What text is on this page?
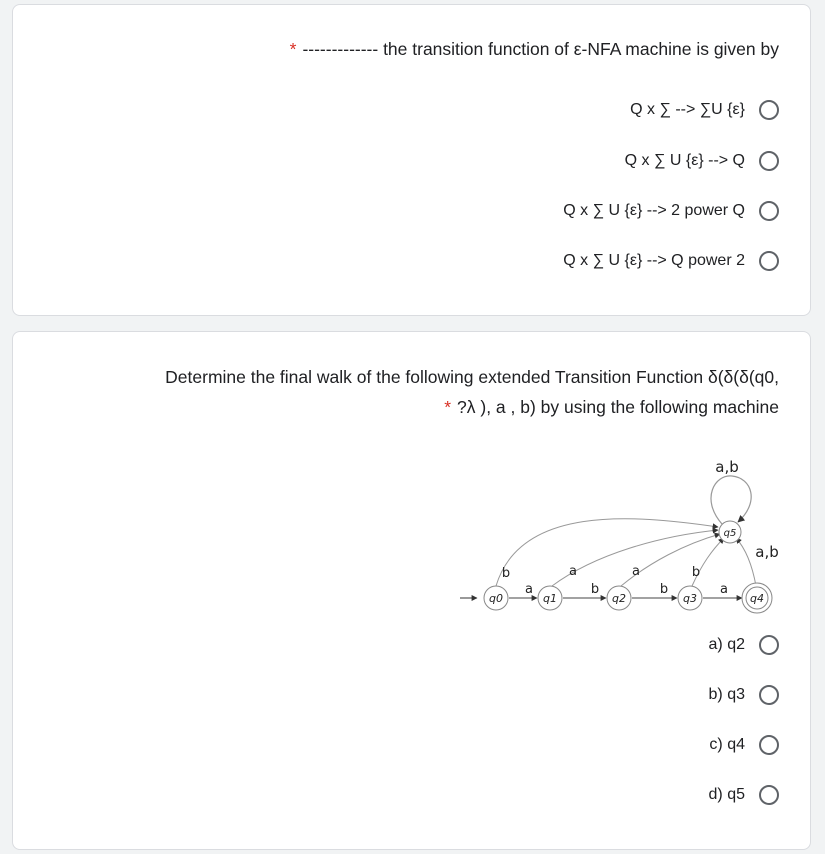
* ------------- the transition function of ε-NFA machine is given by
Q x ∑ --> ∑U {ε}
Q x ∑ U {ε} --> Q
Q x ∑ U {ε} --> 2 power Q
Q x ∑ U {ε} --> Q power 2
Determine the final walk of the following extended Transition Function δ(δ(δ(q0,
* ?λ ), a , b) by using the following machine
q0	q1	q2	q3	q4
q5
a	b	b	a
b	a	a	b
a,b
a,b
a) q2
b) q3
c) q4
d) q5
